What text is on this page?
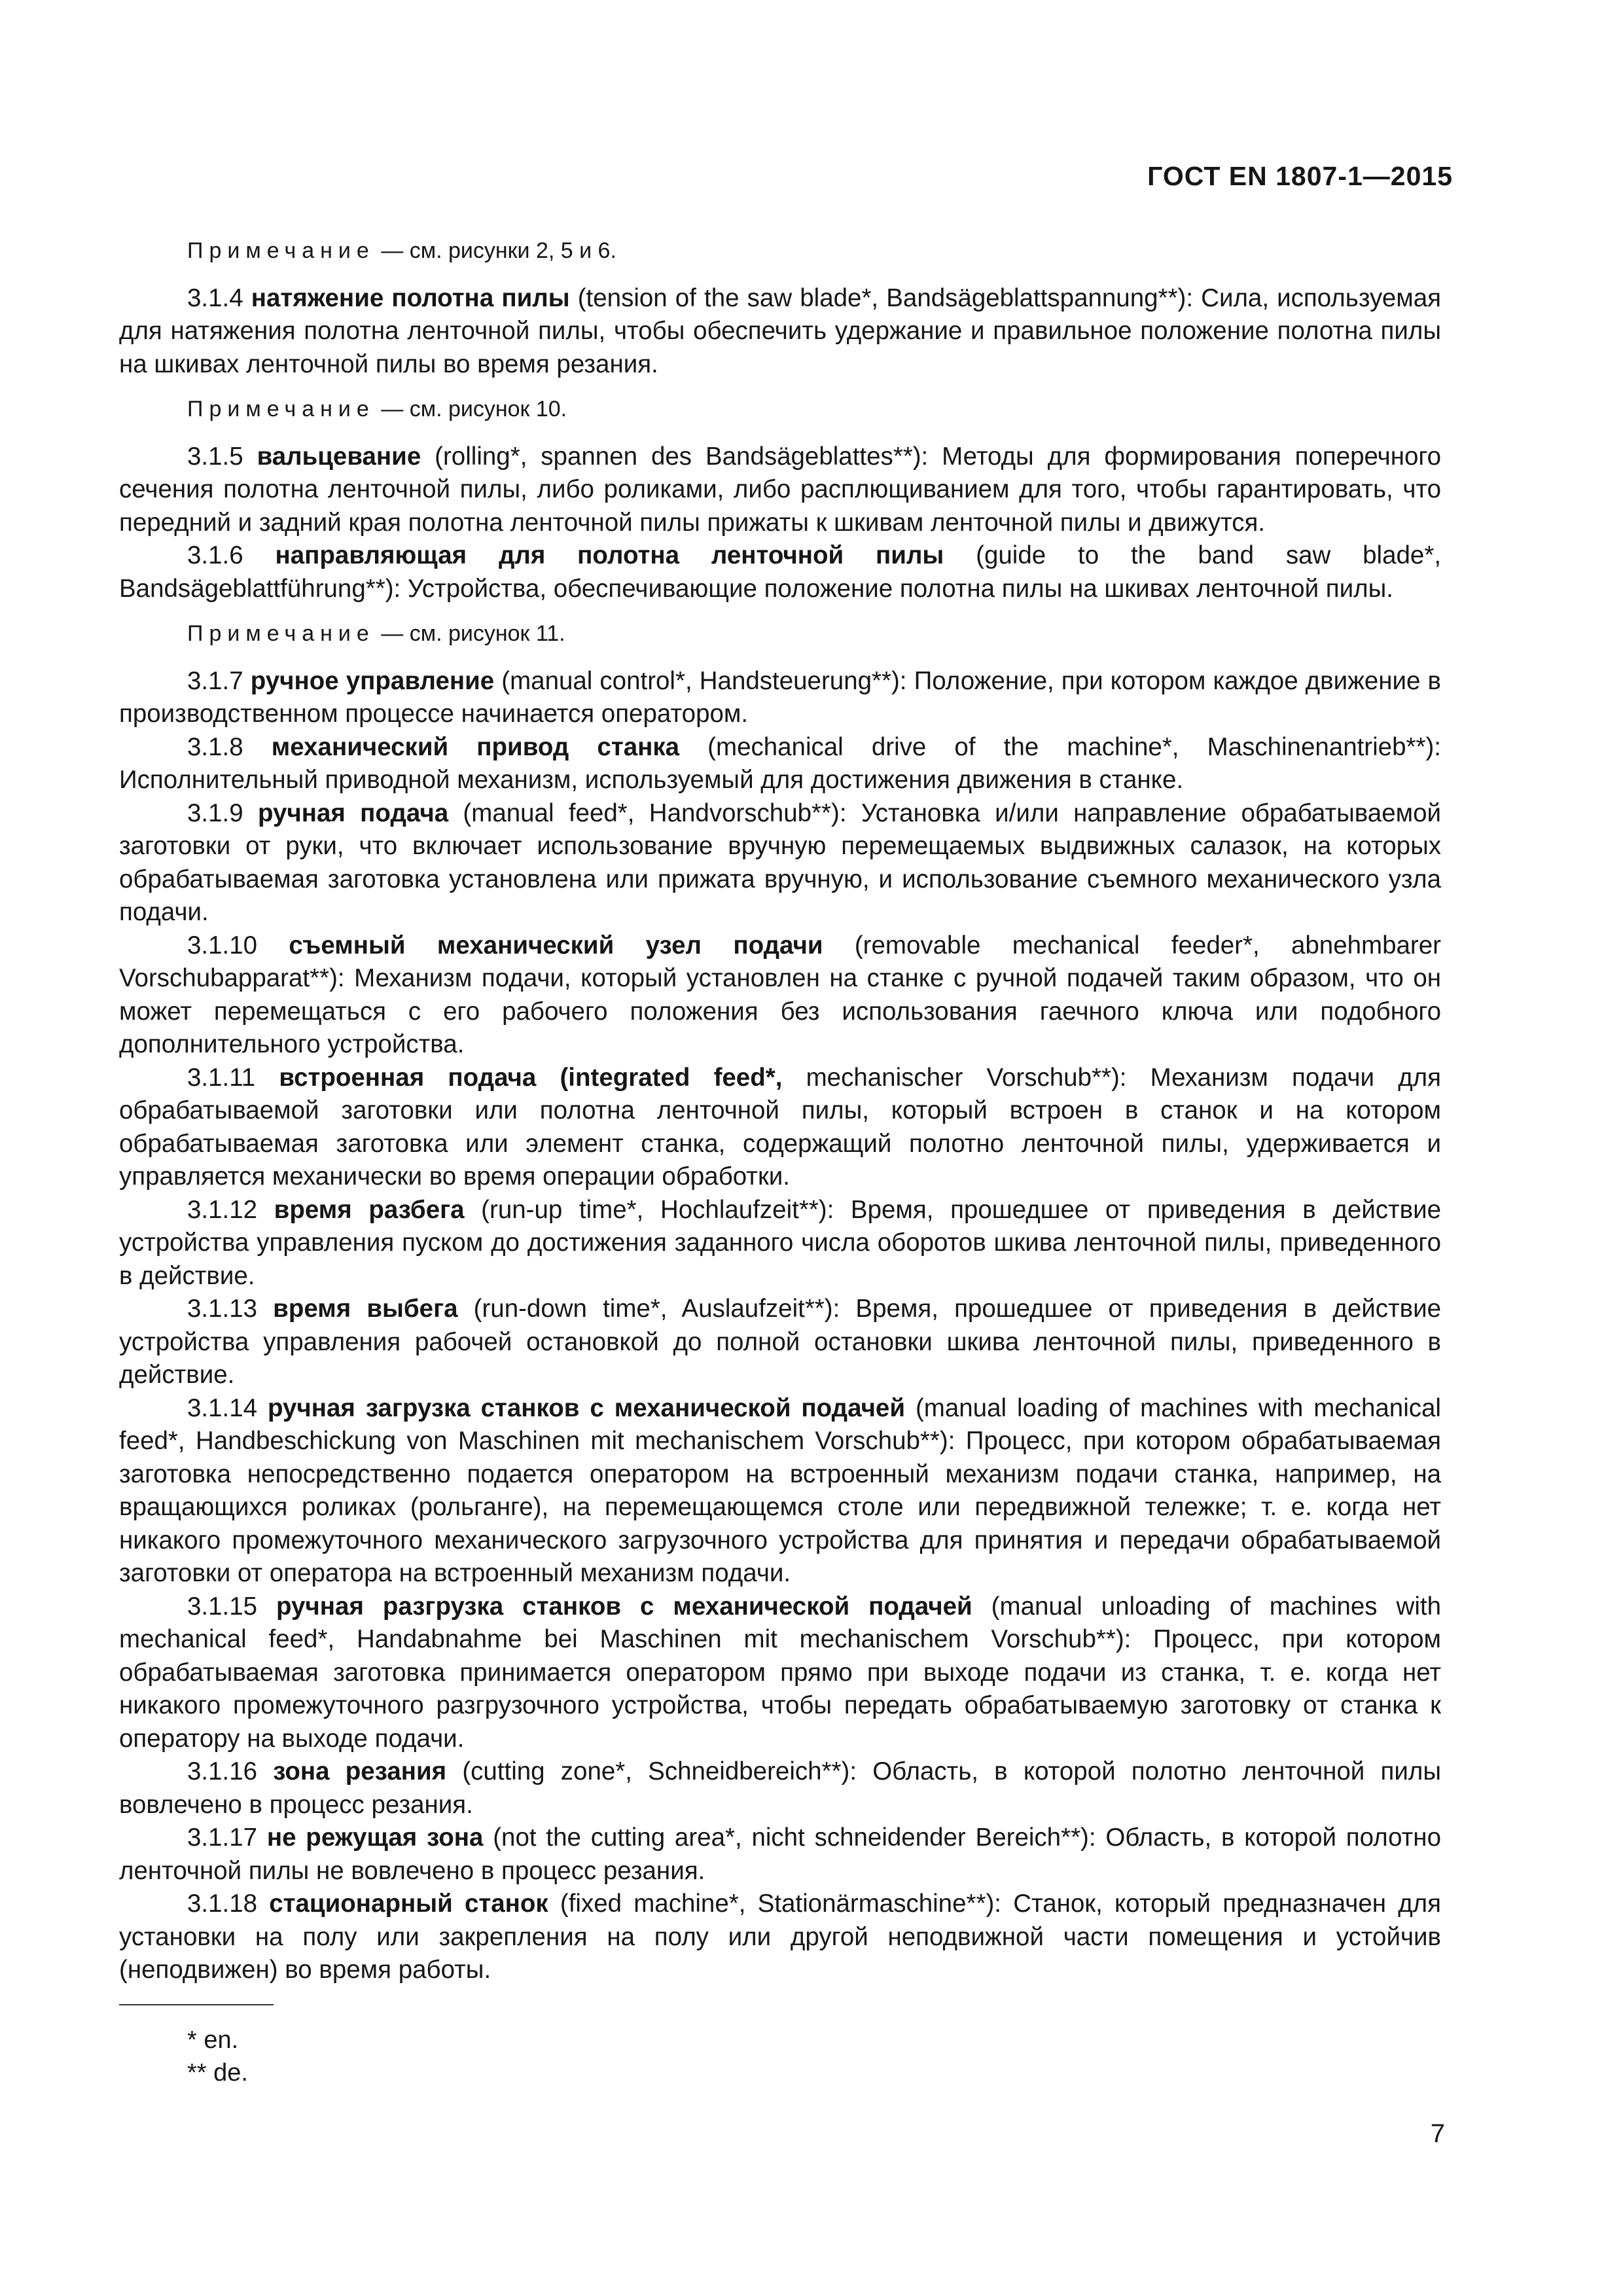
ГОСТ EN 1807-1—2015

Примечание — см. рисунки 2, 5 и 6.

3.1.4 натяжение полотна пилы (tension of the saw blade*, Bandsägeblattspannung**): Сила, используемая для натяжения полотна ленточной пилы, чтобы обеспечить удержание и правильное положение полотна пилы на шкивах ленточной пилы во время резания.

Примечание — см. рисунок 10.

3.1.5 вальцевание (rolling*, spannen des Bandsägeblattes**): Методы для формирования поперечного сечения полотна ленточной пилы, либо роликами, либо расплющиванием для того, чтобы гарантировать, что передний и задний края полотна ленточной пилы прижаты к шкивам ленточной пилы и движутся.

3.1.6 направляющая для полотна ленточной пилы (guide to the band saw blade*, Bandsägeblattführung**): Устройства, обеспечивающие положение полотна пилы на шкивах ленточной пилы.

Примечание — см. рисунок 11.

3.1.7 ручное управление (manual control*, Handsteuerung**): Положение, при котором каждое движение в производственном процессе начинается оператором.

3.1.8 механический привод станка (mechanical drive of the machine*, Maschinenantrieb**): Исполнительный приводной механизм, используемый для достижения движения в станке.

3.1.9 ручная подача (manual feed*, Handvorschub**): Установка и/или направление обрабатываемой заготовки от руки, что включает использование вручную перемещаемых выдвижных салазок, на которых обрабатываемая заготовка установлена или прижата вручную, и использование съемного механического узла подачи.

3.1.10 съемный механический узел подачи (removable mechanical feeder*, abnehmbarer Vorschubapparat**): Механизм подачи, который установлен на станке с ручной подачей таким образом, что он может перемещаться с его рабочего положения без использования гаечного ключа или подобного дополнительного устройства.

3.1.11 встроенная подача (integrated feed*, mechanischer Vorschub**): Механизм подачи для обрабатываемой заготовки или полотна ленточной пилы, который встроен в станок и на котором обрабатываемая заготовка или элемент станка, содержащий полотно ленточной пилы, удерживается и управляется механически во время операции обработки.

3.1.12 время разбега (run-up time*, Hochlaufzeit**): Время, прошедшее от приведения в действие устройства управления пуском до достижения заданного числа оборотов шкива ленточной пилы, приведенного в действие.

3.1.13 время выбега (run-down time*, Auslaufzeit**): Время, прошедшее от приведения в действие устройства управления рабочей остановкой до полной остановки шкива ленточной пилы, приведенного в действие.

3.1.14 ручная загрузка станков с механической подачей (manual loading of machines with mechanical feed*, Handbeschickung von Maschinen mit mechanischem Vorschub**): Процесс, при котором обрабатываемая заготовка непосредственно подается оператором на встроенный механизм подачи станка, например, на вращающихся роликах (рольганге), на перемещающемся столе или передвижной тележке; т. е. когда нет никакого промежуточного механического загрузочного устройства для принятия и передачи обрабатываемой заготовки от оператора на встроенный механизм подачи.

3.1.15 ручная разгрузка станков с механической подачей (manual unloading of machines with mechanical feed*, Handabnahme bei Maschinen mit mechanischem Vorschub**): Процесс, при котором обрабатываемая заготовка принимается оператором прямо при выходе подачи из станка, т. е. когда нет никакого промежуточного разгрузочного устройства, чтобы передать обрабатываемую заготовку от станка к оператору на выходе подачи.

3.1.16 зона резания (cutting zone*, Schneidbereich**): Область, в которой полотно ленточной пилы вовлечено в процесс резания.

3.1.17 не режущая зона (not the cutting area*, nicht schneidender Bereich**): Область, в которой полотно ленточной пилы не вовлечено в процесс резания.

3.1.18 стационарный станок (fixed machine*, Stationärmaschine**): Станок, который предназначен для установки на полу или закрепления на полу или другой неподвижной части помещения и устойчив (неподвижен) во время работы.

* en.

** de.

7
